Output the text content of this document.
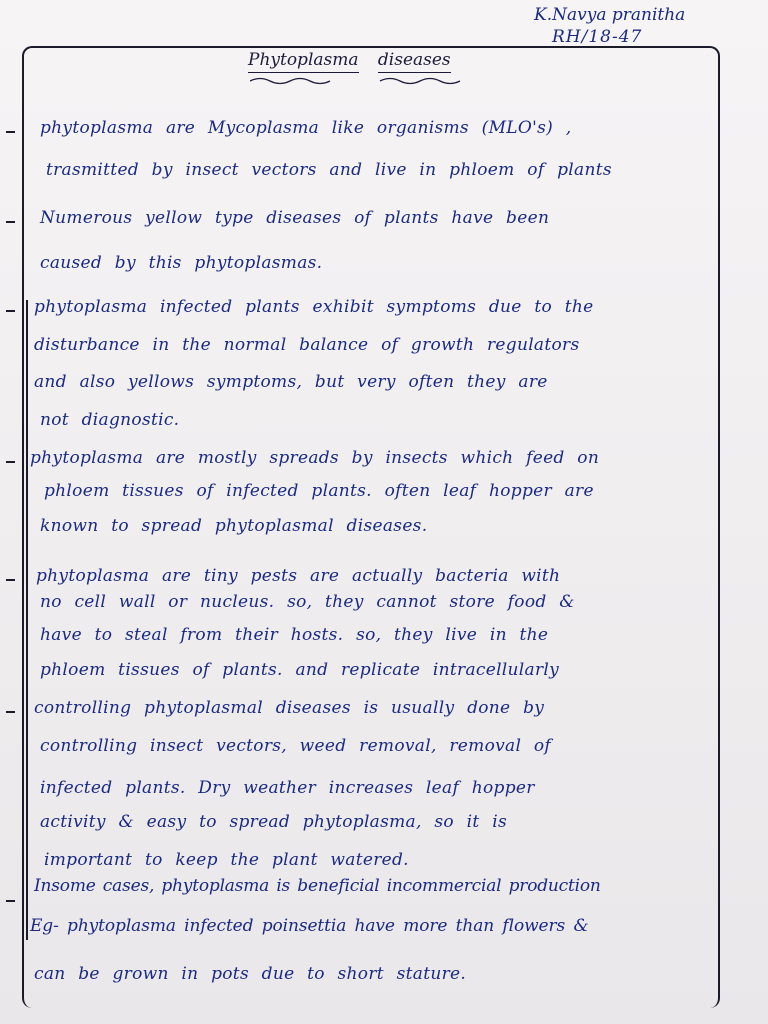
K.Navya pranitha
RH/18-47
Phytoplasma diseases
phytoplasma are Mycoplasma like organisms (MLO's) ,
trasmitted by insect vectors and live in phloem of plants
Numerous yellow type diseases of plants have been
caused by this phytoplasmas.
phytoplasma infected plants exhibit symptoms due to the
disturbance in the normal balance of growth regulators
and also yellows symptoms, but very often they are
not diagnostic.
phytoplasma are mostly spreads by insects which feed on
phloem tissues of infected plants. often leaf hopper are
known to spread phytoplasmal diseases.
phytoplasma are tiny pests are actually bacteria with
no cell wall or nucleus. so, they cannot store food &
have to steal from their hosts. so, they live in the
phloem tissues of plants. and replicate intracellularly
controlling phytoplasmal diseases is usually done by
controlling insect vectors, weed removal, removal of
infected plants. Dry weather increases leaf hopper
activity & easy to spread phytoplasma, so it is
important to keep the plant watered.
Insome cases, phytoplasma is beneficial incommercial production
Eg- phytoplasma infected poinsettia have more than flowers &
can be grown in pots due to short stature.
